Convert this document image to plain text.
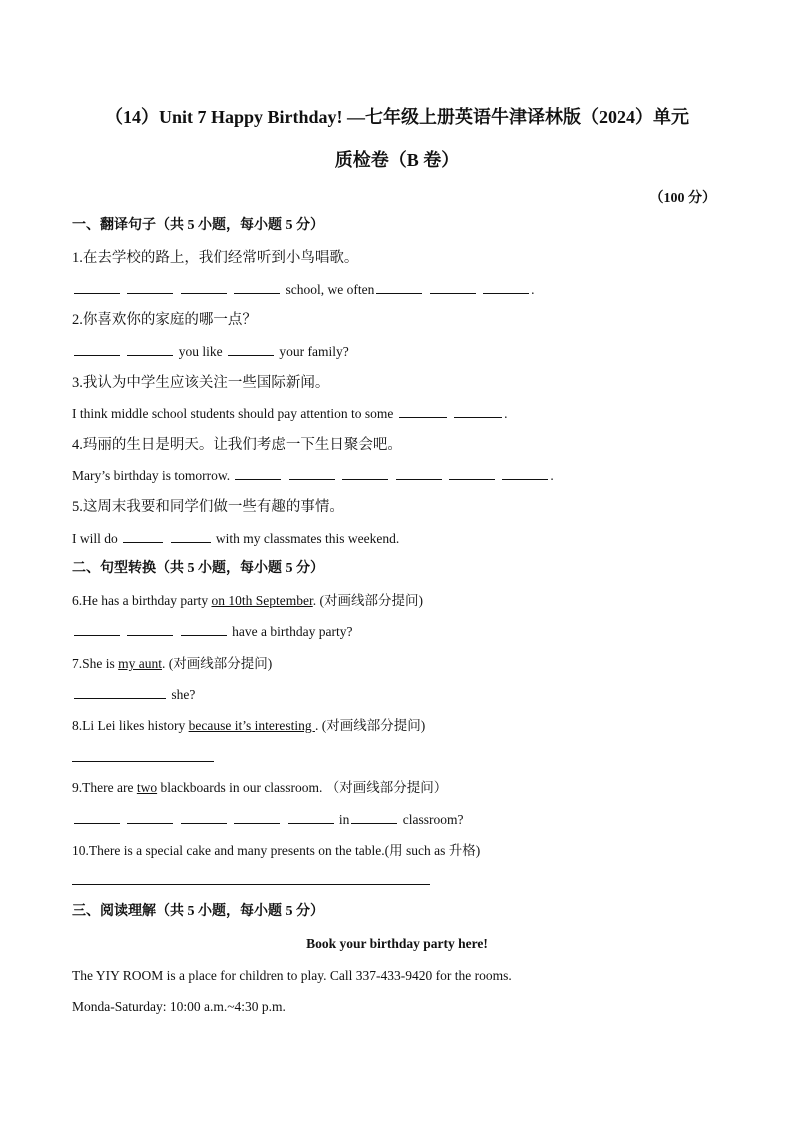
（14）Unit 7 Happy Birthday! —七年级上册英语牛津译林版（2024）单元
质检卷（B 卷）
（100 分）
一、翻译句子（共 5 小题，每小题 5 分）
1.在去学校的路上，我们经常听到小鸟唱歌。
school, we often	.
2.你喜欢你的家庭的哪一点？
you like	your family?
3.我认为中学生应该关注一些国际新闻。
I think middle school students should pay attention to some	.
4.玛丽的生日是明天。让我们考虑一下生日聚会吧。
Mary’s birthday is tomorrow.	.
5.这周末我要和同学们做一些有趣的事情。
I will do	with my classmates this weekend.
二、句型转换（共 5 小题，每小题 5 分）
6.He has a birthday party on 10th September. (对画线部分提问)
have a birthday party?
7.She is my aunt. (对画线部分提问)
she?
8.Li Lei likes history because it’s interesting . (对画线部分提问)
9.There are two blackboards in our classroom. （对画线部分提问）
in	classroom?
10.There is a special cake and many presents on the table.(用 such as 升格)
三、阅读理解（共 5 小题，每小题 5 分）
Book your birthday party here!
The YIY ROOM is a place for children to play. Call 337-433-9420 for the rooms.
Monda-Saturday: 10:00 a.m.~4:30 p.m.
